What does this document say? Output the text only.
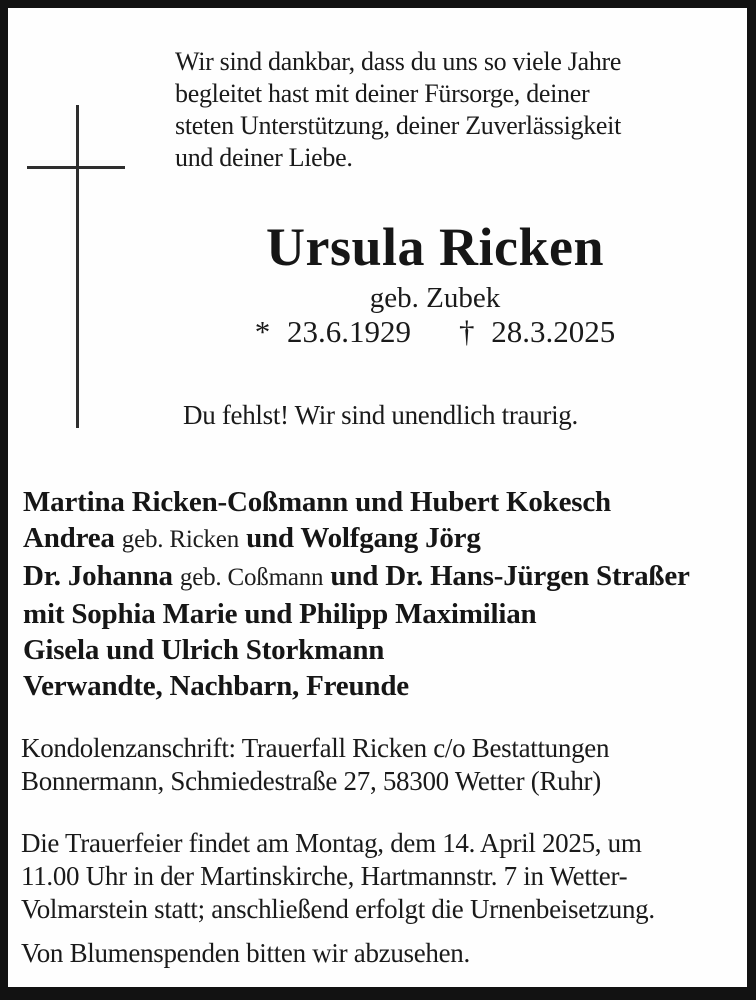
Wir sind dankbar, dass du uns so viele Jahre
begleitet hast mit deiner Fürsorge, deiner
steten Unterstützung, deiner Zuverlässigkeit
und deiner Liebe.
Ursula Ricken
geb. Zubek
* 23.6.1929 † 28.3.2025
Du fehlst! Wir sind unendlich traurig.
Martina Ricken-Coßmann und Hubert Kokesch
Andrea geb. Ricken und Wolfgang Jörg
Dr. Johanna geb. Coßmann und Dr. Hans-Jürgen Straßer
mit Sophia Marie und Philipp Maximilian
Gisela und Ulrich Storkmann
Verwandte, Nachbarn, Freunde
Kondolenzanschrift: Trauerfall Ricken c/o Bestattungen
Bonnermann, Schmiedestraße 27, 58300 Wetter (Ruhr)
Die Trauerfeier findet am Montag, dem 14. April 2025, um
11.00 Uhr in der Martinskirche, Hartmannstr. 7 in Wetter-
Volmarstein statt; anschließend erfolgt die Urnenbeisetzung.
Von Blumenspenden bitten wir abzusehen.
